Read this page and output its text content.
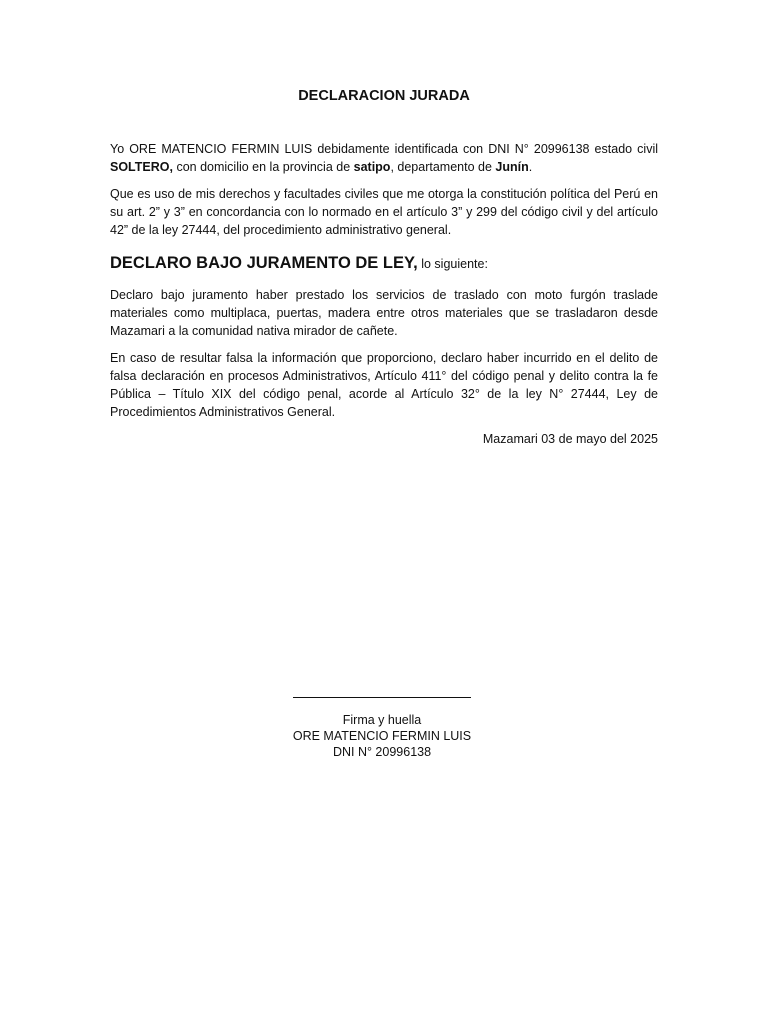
DECLARACION JURADA

Yo ORE MATENCIO FERMIN LUIS debidamente identificada con DNI N° 20996138 estado civil SOLTERO, con domicilio en la provincia de satipo, departamento de Junín.

Que es uso de mis derechos y facultades civiles que me otorga la constitución política del Perú en su art. 2” y 3” en concordancia con lo normado en el artículo 3” y 299 del código civil y del artículo 42” de la ley 27444, del procedimiento administrativo general.

DECLARO BAJO JURAMENTO DE LEY, lo siguiente:

Declaro bajo juramento haber prestado los servicios de traslado con moto furgón traslade materiales como multiplaca, puertas, madera entre otros materiales que se trasladaron desde Mazamari a la comunidad nativa mirador de cañete.

En caso de resultar falsa la información que proporciono, declaro haber incurrido en el delito de falsa declaración en procesos Administrativos, Artículo 411° del código penal y delito contra la fe Pública – Título XIX del código penal, acorde al Artículo 32° de la ley N° 27444, Ley de Procedimientos Administrativos General.

Mazamari 03 de mayo del 2025
Firma y huella
ORE MATENCIO FERMIN LUIS
DNI N° 20996138
